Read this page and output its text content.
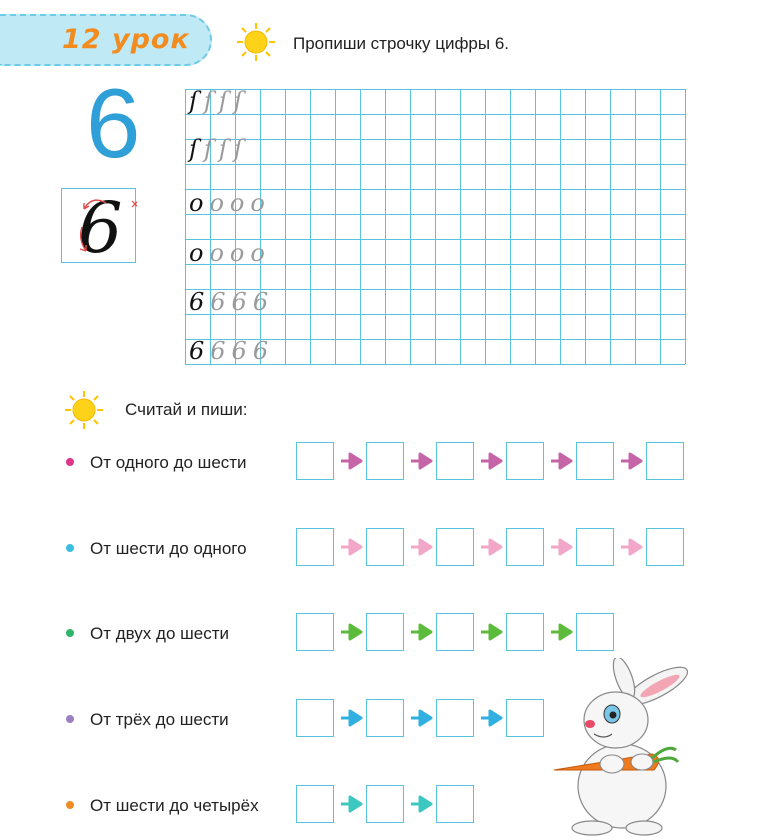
12 урок	Пропиши строчку цифры 6.
6
6
ſſſſ
ſſſſ
oooo
oooo
6666
6666
Считай и пиши:
От одного до шести
От шести до одного
От двух до шести
От трёх до шести
От шести до четырёх
